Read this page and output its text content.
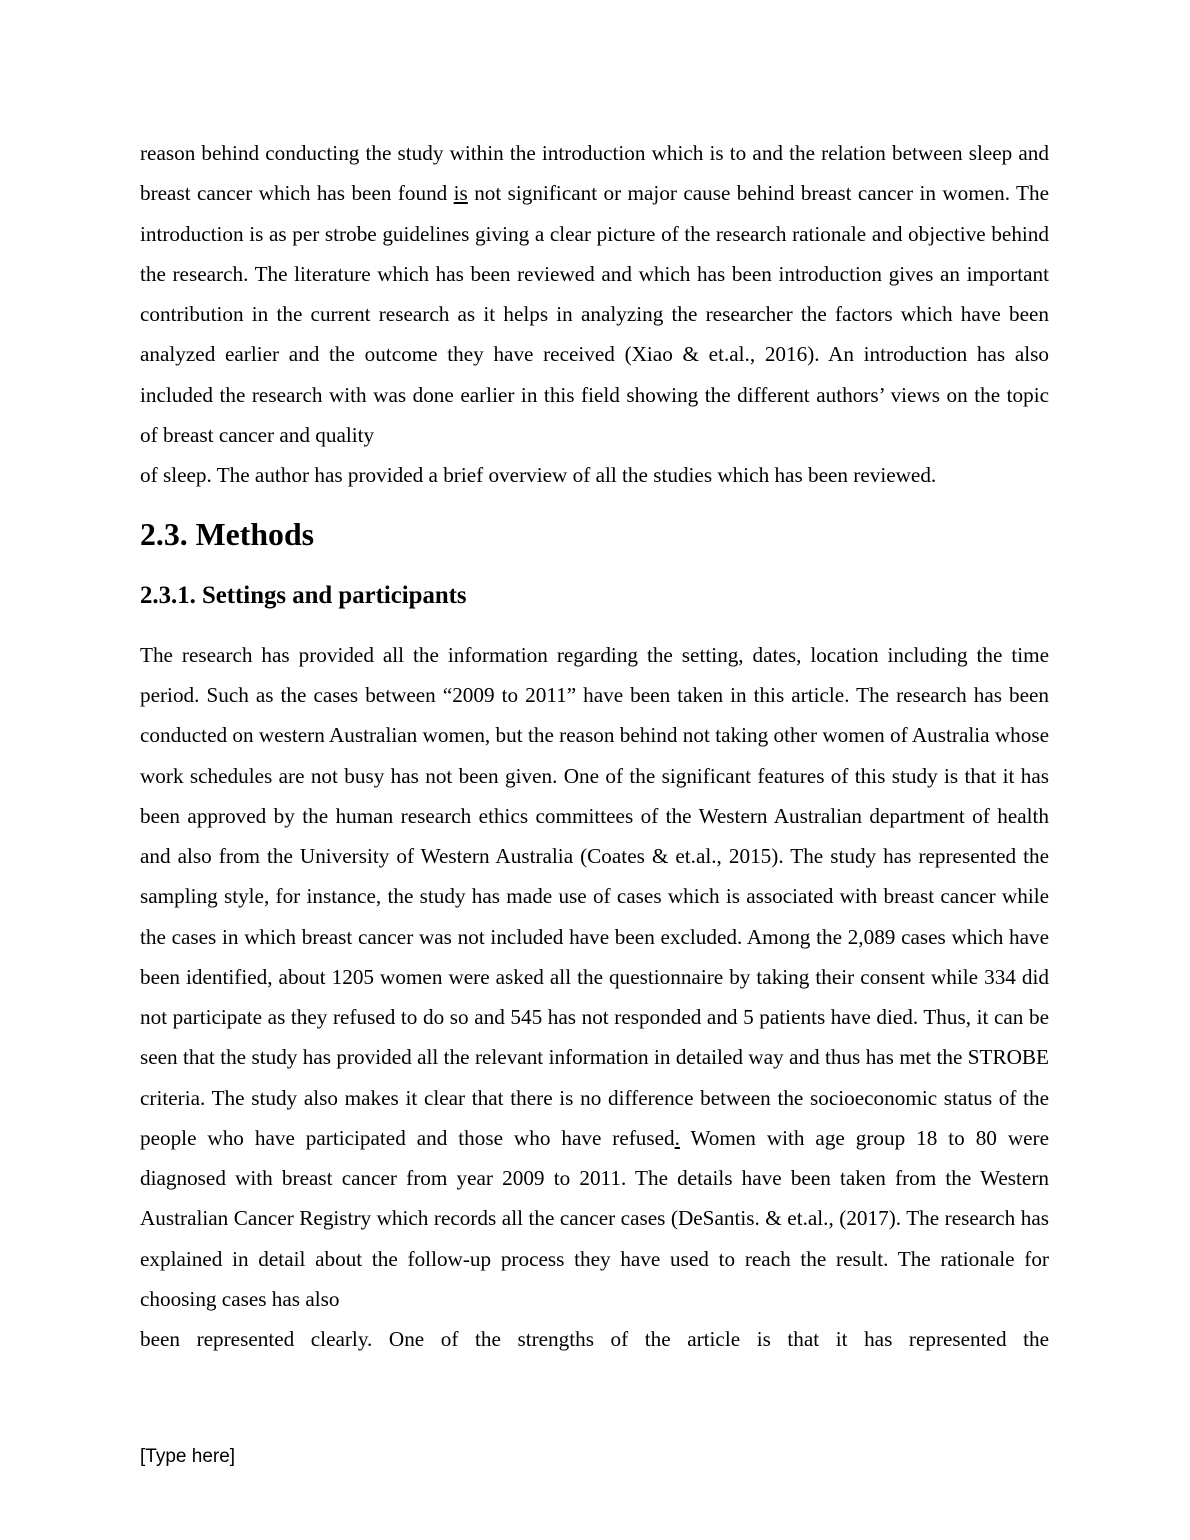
reason behind conducting the study within the introduction which is to and the relation between sleep and breast cancer which has been found is not significant or major cause behind breast cancer in women. The introduction is as per strobe guidelines giving a clear picture of the research rationale and objective behind the research. The literature which has been reviewed and which has been introduction gives an important contribution in the current research as it helps in analyzing the researcher the factors which have been analyzed earlier and the outcome they have received (Xiao & et.al., 2016). An introduction has also included the research with was done earlier in this field showing the different authors’ views on the topic of breast cancer and quality
of sleep. The author has provided a brief overview of all the studies which has been reviewed.

2.3. Methods
2.3.1. Settings and participants

The research has provided all the information regarding the setting, dates, location including the time period. Such as the cases between “2009 to 2011” have been taken in this article. The research has been conducted on western Australian women, but the reason behind not taking other women of Australia whose work schedules are not busy has not been given. One of the significant features of this study is that it has been approved by the human research ethics committees of the Western Australian department of health and also from the University of Western Australia (Coates & et.al., 2015). The study has represented the sampling style, for instance, the study has made use of cases which is associated with breast cancer while the cases in which breast cancer was not included have been excluded. Among the 2,089 cases which have been identified, about 1205 women were asked all the questionnaire by taking their consent while 334 did not participate as they refused to do so and 545 has not responded and 5 patients have died. Thus, it can be seen that the study has provided all the relevant information in detailed way and thus has met the STROBE criteria. The study also makes it clear that there is no difference between the socioeconomic status of the people who have participated and those who have refused. Women with age group 18 to 80 were diagnosed with breast cancer from year 2009 to 2011. The details have been taken from the Western Australian Cancer Registry which records all the cancer cases (DeSantis. & et.al., (2017). The research has explained in detail about the follow-up process they have used to reach the result. The rationale for choosing cases has also
been represented clearly. One of the strengths of the article is that it has represented the

[Type here]
